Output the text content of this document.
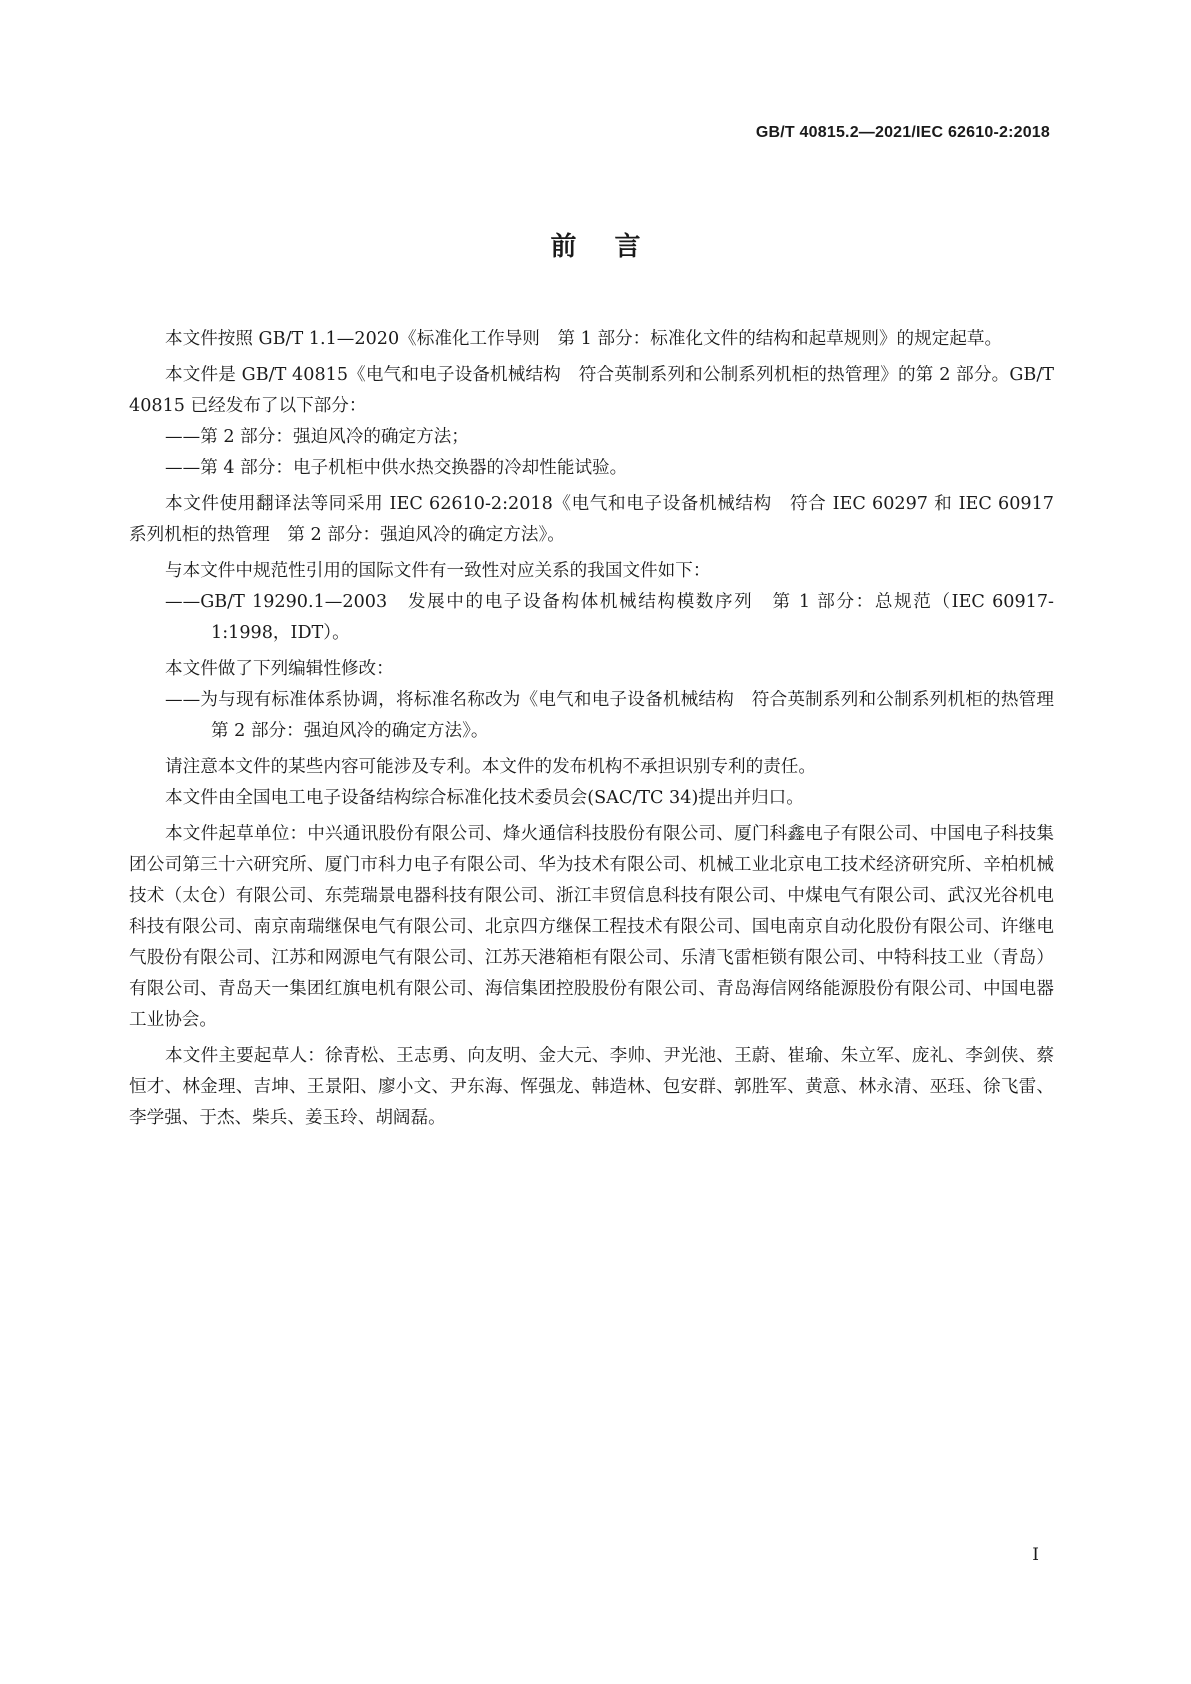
GB/T 40815.2—2021/IEC 62610-2:2018
前言

本文件按照 GB/T 1.1—2020《标准化工作导则　第 1 部分：标准化文件的结构和起草规则》的规定起草。

本文件是 GB/T 40815《电气和电子设备机械结构　符合英制系列和公制系列机柜的热管理》的第 2 部分。GB/T 40815 已经发布了以下部分：

——第 2 部分：强迫风冷的确定方法；

——第 4 部分：电子机柜中供水热交换器的冷却性能试验。

本文件使用翻译法等同采用 IEC 62610-2:2018《电气和电子设备机械结构　符合 IEC 60297 和 IEC 60917 系列机柜的热管理　第 2 部分：强迫风冷的确定方法》。

与本文件中规范性引用的国际文件有一致性对应关系的我国文件如下：

——GB/T 19290.1—2003　发展中的电子设备构体机械结构模数序列　第 1 部分：总规范（IEC 60917-1:1998，IDT）。

本文件做了下列编辑性修改：

——为与现有标准体系协调，将标准名称改为《电气和电子设备机械结构　符合英制系列和公制系列机柜的热管理　第 2 部分：强迫风冷的确定方法》。

请注意本文件的某些内容可能涉及专利。本文件的发布机构不承担识别专利的责任。

本文件由全国电工电子设备结构综合标准化技术委员会(SAC/TC 34)提出并归口。

本文件起草单位：中兴通讯股份有限公司、烽火通信科技股份有限公司、厦门科鑫电子有限公司、中国电子科技集团公司第三十六研究所、厦门市科力电子有限公司、华为技术有限公司、机械工业北京电工技术经济研究所、辛柏机械技术（太仓）有限公司、东莞瑞景电器科技有限公司、浙江丰贸信息科技有限公司、中煤电气有限公司、武汉光谷机电科技有限公司、南京南瑞继保电气有限公司、北京四方继保工程技术有限公司、国电南京自动化股份有限公司、许继电气股份有限公司、江苏和网源电气有限公司、江苏天港箱柜有限公司、乐清飞雷柜锁有限公司、中特科技工业（青岛）有限公司、青岛天一集团红旗电机有限公司、海信集团控股股份有限公司、青岛海信网络能源股份有限公司、中国电器工业协会。

本文件主要起草人：徐青松、王志勇、向友明、金大元、李帅、尹光池、王蔚、崔瑜、朱立军、庞礼、李剑侠、蔡恒才、林金理、吉坤、王景阳、廖小文、尹东海、恽强龙、韩造林、包安群、郭胜军、黄意、林永清、巫珏、徐飞雷、李学强、于杰、柴兵、姜玉玲、胡阔磊。

I
